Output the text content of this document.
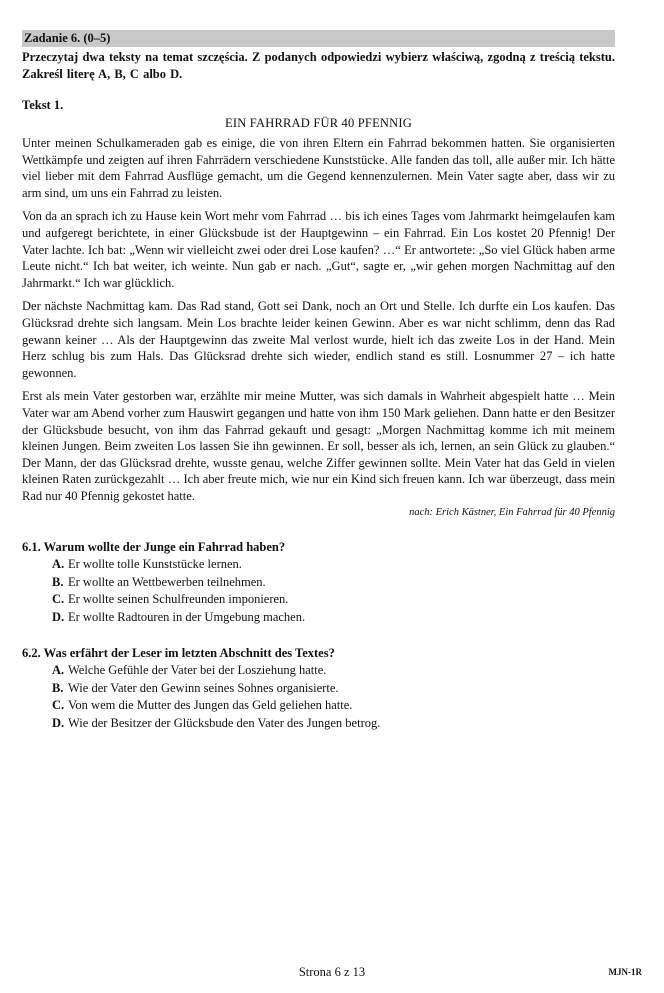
Zadanie 6. (0–5)
Przeczytaj dwa teksty na temat szczęścia. Z podanych odpowiedzi wybierz właściwą, zgodną z treścią tekstu. Zakreśl literę A, B, C albo D.
Tekst 1.
EIN FAHRRAD FÜR 40 PFENNIG

Unter meinen Schulkameraden gab es einige, die von ihren Eltern ein Fahrrad bekommen hatten. Sie organisierten Wettkämpfe und zeigten auf ihren Fahrrädern verschiedene Kunststücke. Alle fanden das toll, alle außer mir. Ich hätte viel lieber mit dem Fahrrad Ausflüge gemacht, um die Gegend kennenzulernen. Mein Vater sagte aber, dass wir zu arm sind, um uns ein Fahrrad zu leisten.

Von da an sprach ich zu Hause kein Wort mehr vom Fahrrad … bis ich eines Tages vom Jahrmarkt heimgelaufen kam und aufgeregt berichtete, in einer Glücksbude ist der Hauptgewinn – ein Fahrrad. Ein Los kostet 20 Pfennig! Der Vater lachte. Ich bat: „Wenn wir vielleicht zwei oder drei Lose kaufen? …“ Er antwortete: „So viel Glück haben arme Leute nicht.“ Ich bat weiter, ich weinte. Nun gab er nach. „Gut“, sagte er, „wir gehen morgen Nachmittag auf den Jahrmarkt.“ Ich war glücklich.

Der nächste Nachmittag kam. Das Rad stand, Gott sei Dank, noch an Ort und Stelle. Ich durfte ein Los kaufen. Das Glücksrad drehte sich langsam. Mein Los brachte leider keinen Gewinn. Aber es war nicht schlimm, denn das Rad gewann keiner … Als der Hauptgewinn das zweite Mal verlost wurde, hielt ich das zweite Los in der Hand. Mein Herz schlug bis zum Hals. Das Glücksrad drehte sich wieder, endlich stand es still. Losnummer 27 – ich hatte gewonnen.

Erst als mein Vater gestorben war, erzählte mir meine Mutter, was sich damals in Wahrheit abgespielt hatte … Mein Vater war am Abend vorher zum Hauswirt gegangen und hatte von ihm 150 Mark geliehen. Dann hatte er den Besitzer der Glücksbude besucht, von ihm das Fahrrad gekauft und gesagt: „Morgen Nachmittag komme ich mit meinem kleinen Jungen. Beim zweiten Los lassen Sie ihn gewinnen. Er soll, besser als ich, lernen, an sein Glück zu glauben.“ Der Mann, der das Glücksrad drehte, wusste genau, welche Ziffer gewinnen sollte. Mein Vater hat das Geld in vielen kleinen Raten zurückgezahlt … Ich aber freute mich, wie nur ein Kind sich freuen kann. Ich war überzeugt, dass mein Rad nur 40 Pfennig gekostet hatte.

nach: Erich Kästner, Ein Fahrrad für 40 Pfennig
6.1. Warum wollte der Junge ein Fahrrad haben?
A. Er wollte tolle Kunststücke lernen.
B. Er wollte an Wettbewerben teilnehmen.
C. Er wollte seinen Schulfreunden imponieren.
D. Er wollte Radtouren in der Umgebung machen.
6.2. Was erfährt der Leser im letzten Abschnitt des Textes?
A. Welche Gefühle der Vater bei der Losziehung hatte.
B. Wie der Vater den Gewinn seines Sohnes organisierte.
C. Von wem die Mutter des Jungen das Geld geliehen hatte.
D. Wie der Besitzer der Glücksbude den Vater des Jungen betrog.
Strona 6 z 13	MJN-1R
